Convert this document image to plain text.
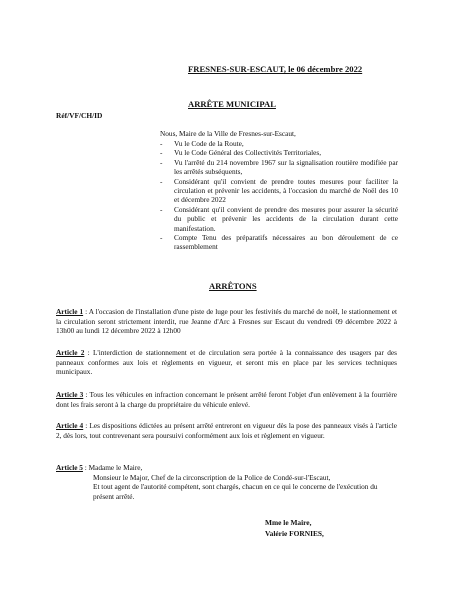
FRESNES-SUR-ESCAUT, le 06 décembre 2022
ARRÊTE MUNICIPAL
Réf/VF/CH/ID
Nous, Maire de la Ville de Fresnes-sur-Escaut,
- Vu le Code de la Route,
- Vu le Code Général des Collectivités Territoriales,
- Vu l'arrêté du 214 novembre 1967 sur la signalisation routière modifiée par les arrêtés subséquents,
- Considérant qu'il convient de prendre toutes mesures pour faciliter la circulation et prévenir les accidents, à l'occasion du marché de Noël des 10 et décembre 2022
- Considérant qu'il convient de prendre des mesures pour assurer la sécurité du public et prévenir les accidents de la circulation durant cette manifestation.
- Compte Tenu des préparatifs nécessaires au bon déroulement de ce rassemblement
ARRÊTONS
Article 1 : A l'occasion de l'installation d'une piste de luge pour les festivités du marché de noël, le stationnement et la circulation seront strictement interdit, rue Jeanne d'Arc à Fresnes sur Escaut du vendredi 09 décembre 2022 à 13h00 au lundi 12 décembre 2022 à 12h00
Article 2 : L'interdiction de stationnement et de circulation sera portée à la connaissance des usagers par des panneaux conformes aux lois et règlements en vigueur, et seront mis en place par les services techniques municipaux.
Article 3 : Tous les véhicules en infraction concernant le présent arrêté feront l'objet d'un enlèvement à la fourrière dont les frais seront à la charge du propriétaire du véhicule enlevé.
Article 4 : Les dispositions édictées au présent arrêté entreront en vigueur dès la pose des panneaux visés à l'article 2, dès lors, tout contrevenant sera poursuivi conformément aux lois et règlement en vigueur.
Article 5 : Madame le Maire,
Monsieur le Major, Chef de la circonscription de la Police de Condé-sur-l'Escaut,
Et tout agent de l'autorité compétent, sont chargés, chacun en ce qui le concerne de l'exécution du présent arrêté.
Mme le Maire,
Valérie FORNIES,
